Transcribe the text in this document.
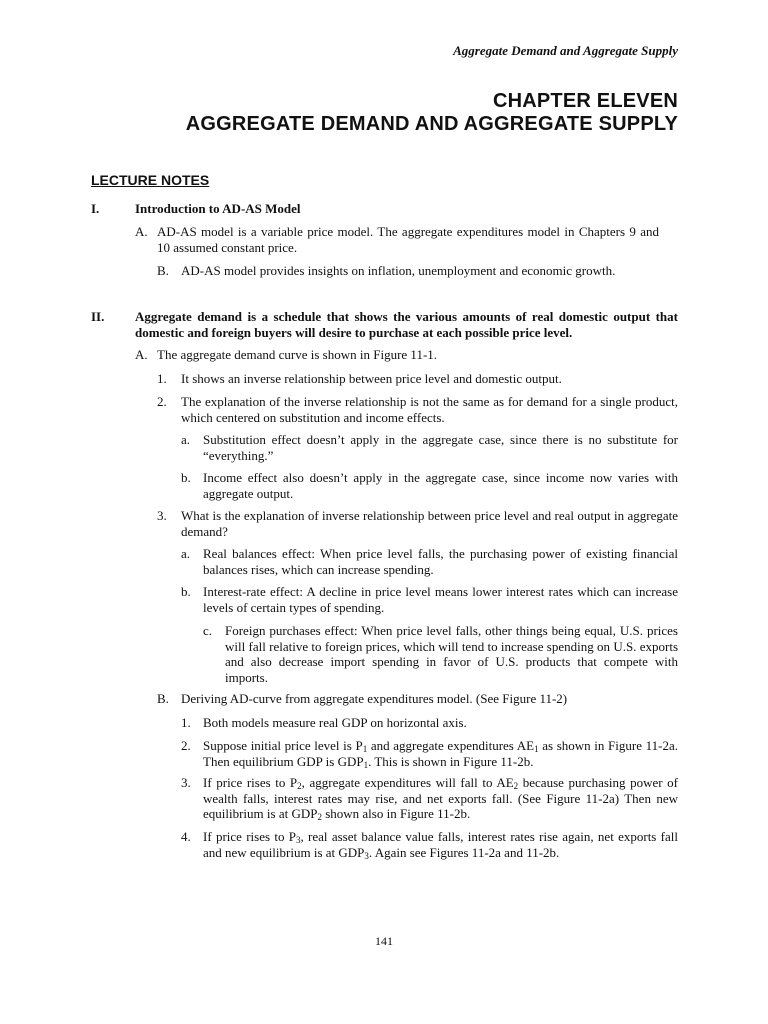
Aggregate Demand and Aggregate Supply
CHAPTER ELEVEN
AGGREGATE DEMAND AND AGGREGATE SUPPLY
LECTURE NOTES
I.	Introduction to AD-AS Model
A. AD-AS model is a variable price model. The aggregate expenditures model in Chapters 9 and 10 assumed constant price.
B. AD-AS model provides insights on inflation, unemployment and economic growth.
II. Aggregate demand is a schedule that shows the various amounts of real domestic output that domestic and foreign buyers will desire to purchase at each possible price level.
A. The aggregate demand curve is shown in Figure 11-1.
1. It shows an inverse relationship between price level and domestic output.
2. The explanation of the inverse relationship is not the same as for demand for a single product, which centered on substitution and income effects.
a. Substitution effect doesn’t apply in the aggregate case, since there is no substitute for “everything.”
b. Income effect also doesn’t apply in the aggregate case, since income now varies with aggregate output.
3. What is the explanation of inverse relationship between price level and real output in aggregate demand?
a. Real balances effect: When price level falls, the purchasing power of existing financial balances rises, which can increase spending.
b. Interest-rate effect: A decline in price level means lower interest rates which can increase levels of certain types of spending.
c. Foreign purchases effect: When price level falls, other things being equal, U.S. prices will fall relative to foreign prices, which will tend to increase spending on U.S. exports and also decrease import spending in favor of U.S. products that compete with imports.
B. Deriving AD-curve from aggregate expenditures model. (See Figure 11-2)
1. Both models measure real GDP on horizontal axis.
2. Suppose initial price level is $P_1$ and aggregate expenditures $AE_1$ as shown in Figure 11-2a. Then equilibrium GDP is $GDP_1$. This is shown in Figure 11-2b.
3. If price rises to $P_2$, aggregate expenditures will fall to $AE_2$ because purchasing power of wealth falls, interest rates may rise, and net exports fall. (See Figure 11-2a) Then new equilibrium is at $GDP_2$ shown also in Figure 11-2b.
4. If price rises to $P_3$, real asset balance value falls, interest rates rise again, net exports fall and new equilibrium is at $GDP_3$. Again see Figures 11-2a and 11-2b.
141
